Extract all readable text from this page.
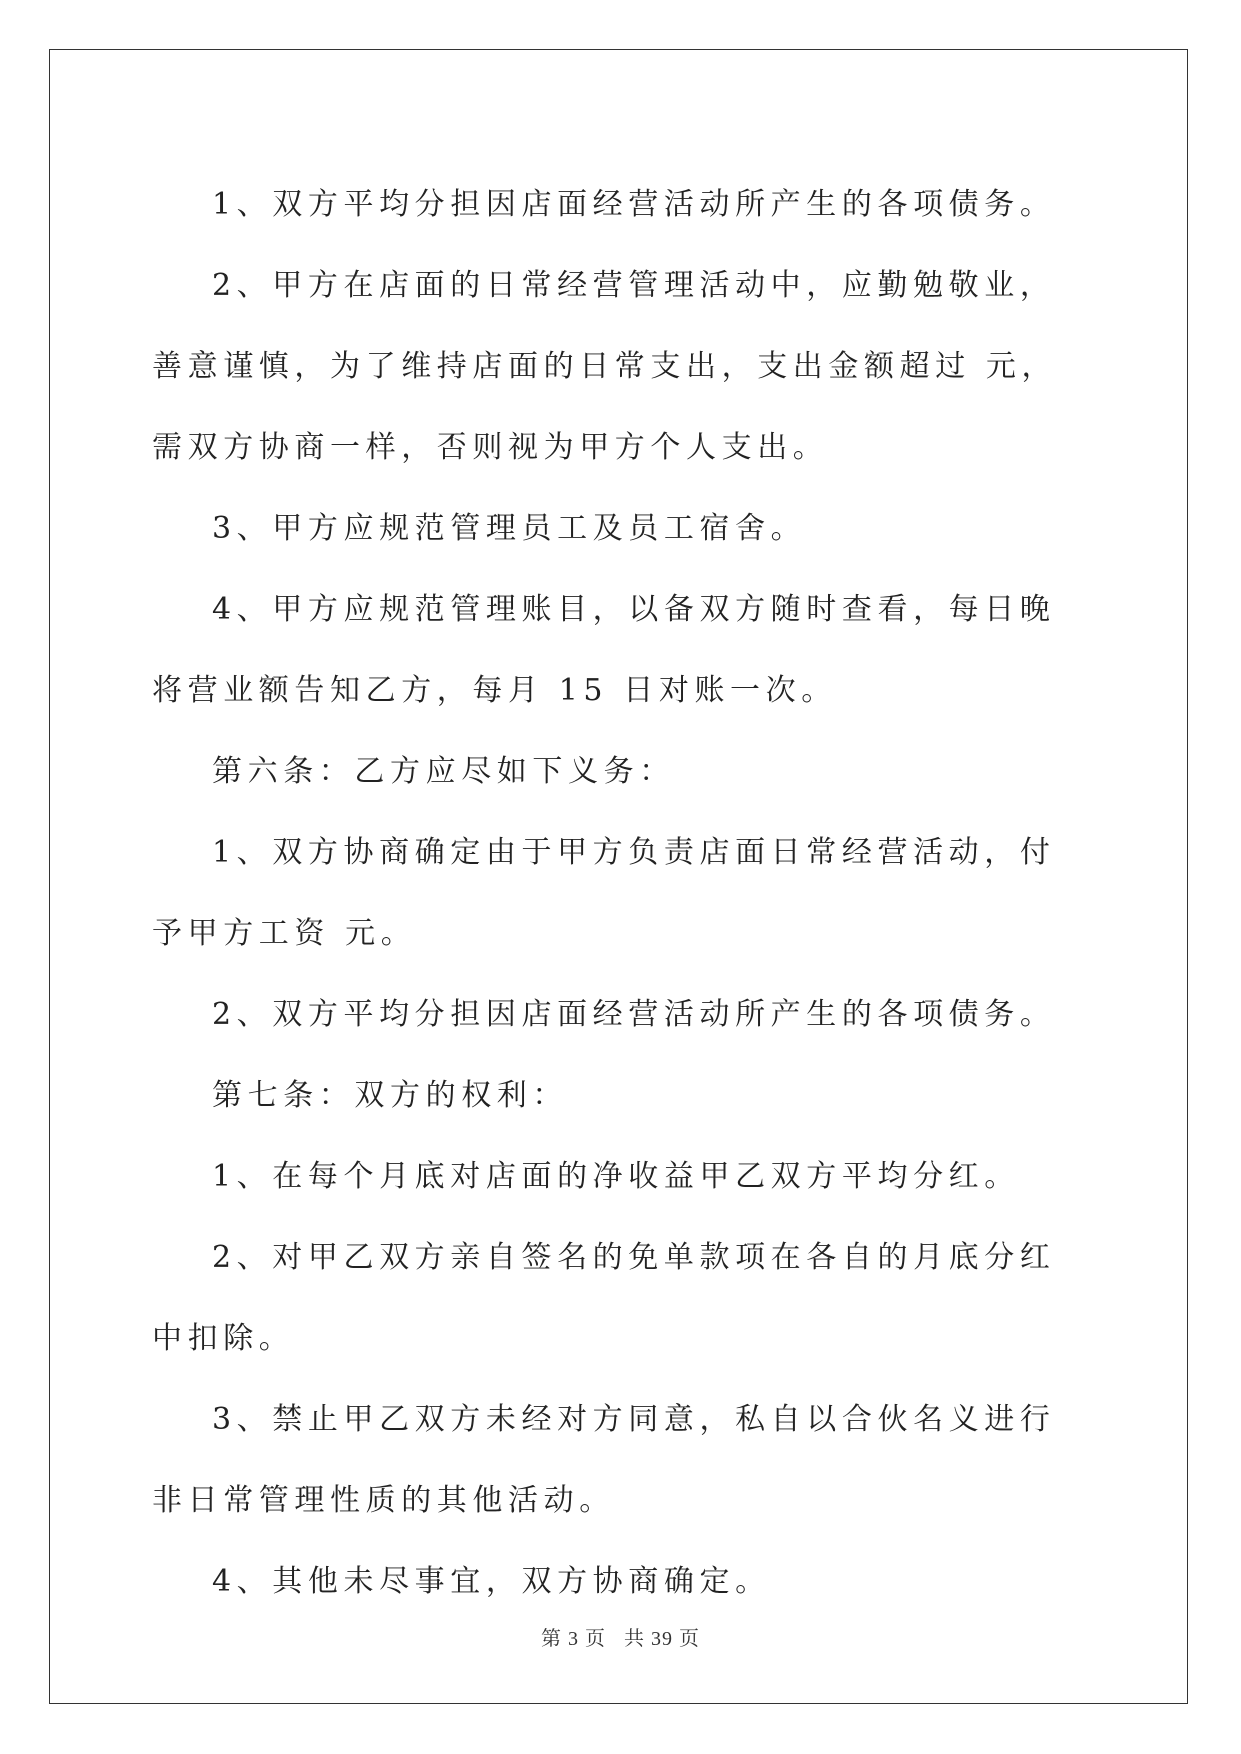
1、双方平均分担因店面经营活动所产生的各项债务。

2、甲方在店面的日常经营管理活动中，应勤勉敬业，善意谨慎，为了维持店面的日常支出，支出金额超过 元，需双方协商一样，否则视为甲方个人支出。

3、甲方应规范管理员工及员工宿舍。

4、甲方应规范管理账目，以备双方随时查看，每日晚将营业额告知乙方，每月 15 日对账一次。

第六条：乙方应尽如下义务：

1、双方协商确定由于甲方负责店面日常经营活动，付予甲方工资 元。

2、双方平均分担因店面经营活动所产生的各项债务。

第七条：双方的权利：

1、在每个月底对店面的净收益甲乙双方平均分红。

2、对甲乙双方亲自签名的免单款项在各自的月底分红中扣除。

3、禁止甲乙双方未经对方同意，私自以合伙名义进行非日常管理性质的其他活动。

4、其他未尽事宜，双方协商确定。

第 3 页 共 39 页
